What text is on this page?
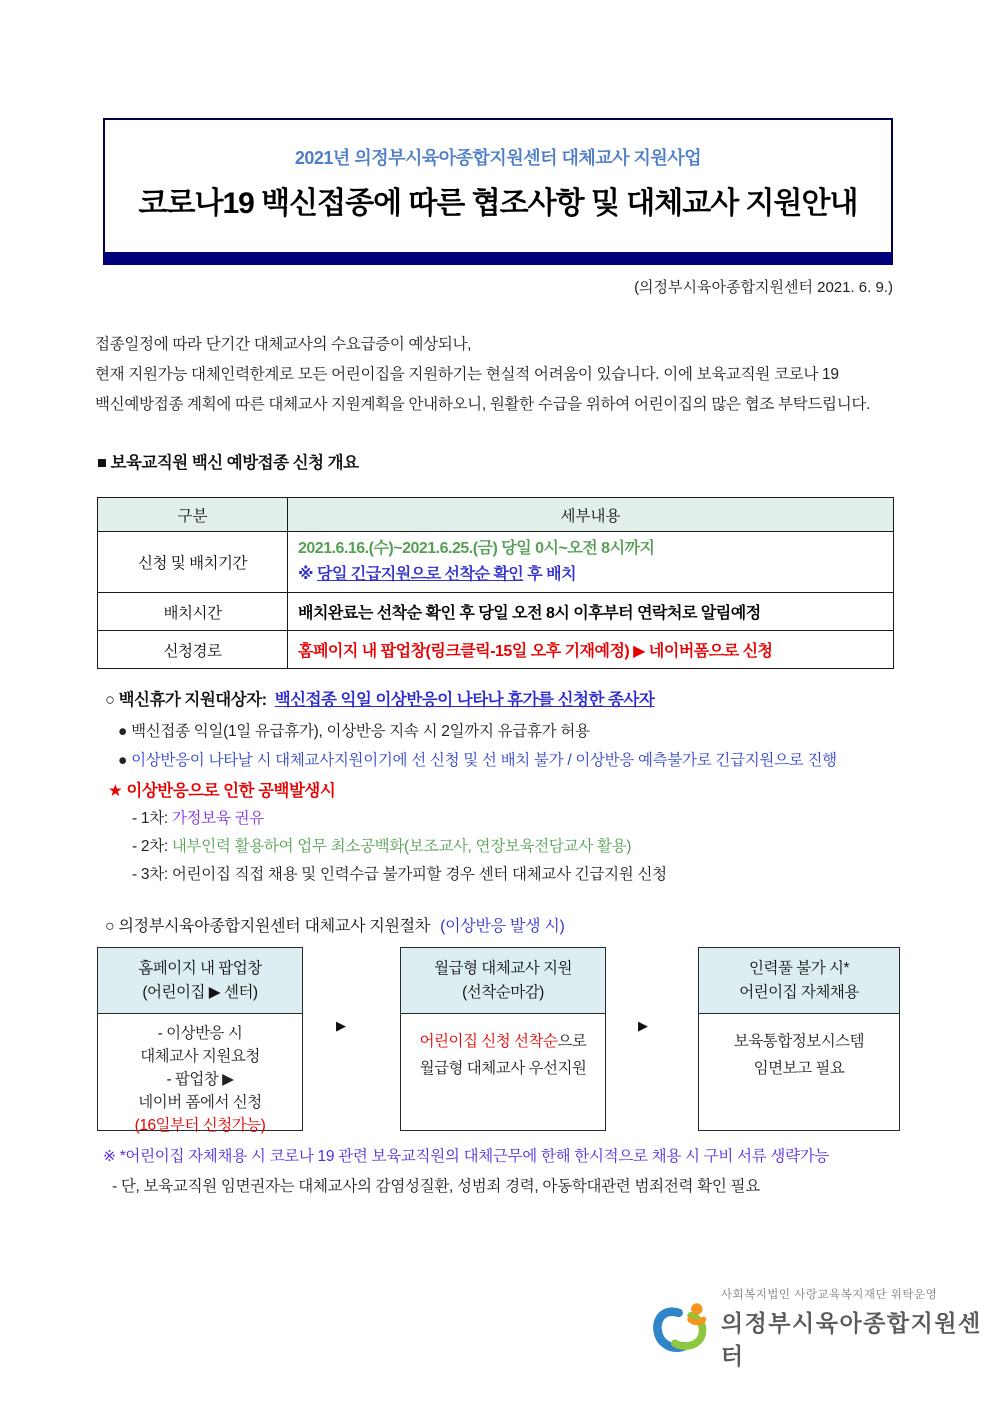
2021년 의정부시육아종합지원센터 대체교사 지원사업
코로나19 백신접종에 따른 협조사항 및 대체교사 지원안내
(의정부시육아종합지원센터 2021. 6. 9.)
접종일정에 따라 단기간 대체교사의 수요급증이 예상되나,
현재 지원가능 대체인력한계로 모든 어린이집을 지원하기는 현실적 어려움이 있습니다. 이에 보육교직원 코로나 19
백신예방접종 계획에 따른 대체교사 지원계획을 안내하오니, 원활한 수급을 위하여 어린이집의 많은 협조 부탁드립니다.
■ 보육교직원 백신 예방접종 신청 개요
구분	세부내용
신청 및 배치기간	2021.6.16.(수)~2021.6.25.(금) 당일 0시~오전 8시까지
※ 당일 긴급지원으로 선착순 확인 후 배치

배치시간	배치완료는 선착순 확인 후 당일 오전 8시 이후부터 연락처로 알림예정
신청경로	홈페이지 내 팝업창(링크클릭-15일 오후 기재예정) ▶ 네이버폼으로 신청
○ 백신휴가 지원대상자: 백신접종 익일 이상반응이 나타나 휴가를 신청한 종사자
● 백신접종 익일(1일 유급휴가), 이상반응 지속 시 2일까지 유급휴가 허용
● 이상반응이 나타날 시 대체교사지원이기에 선 신청 및 선 배치 불가 / 이상반응 예측불가로 긴급지원으로 진행
★ 이상반응으로 인한 공백발생시
- 1차: 가정보육 권유
- 2차: 내부인력 활용하여 업무 최소공백화(보조교사, 연장보육전담교사 활용)
- 3차: 어린이집 직접 채용 및 인력수급 불가피할 경우 센터 대체교사 긴급지원 신청
○ 의정부시육아종합지원센터 대체교사 지원절차 (이상반응 발생 시)
홈페이지 내 팝업창
(어린이집 ▶ 센터)
- 이상반응 시
대체교사 지원요청
- 팝업창 ▶
네이버 폼에서 신청
(16일부터 신청가능)
▶
월급형 대체교사 지원
(선착순마감)
어린이집 신청 선착순으로
월급형 대체교사 우선지원
▶
인력풀 불가 시*
어린이집 자체채용
보육통합정보시스템
임면보고 필요
※ *어린이집 자체채용 시 코로나 19 관련 보육교직원의 대체근무에 한해 한시적으로 채용 시 구비 서류 생략가능
- 단, 보육교직원 임면권자는 대체교사의 감염성질환, 성범죄 경력, 아동학대관련 범죄전력 확인 필요
사회복지법인 사랑교육복지재단 위탁운영
의정부시육아종합지원센터
